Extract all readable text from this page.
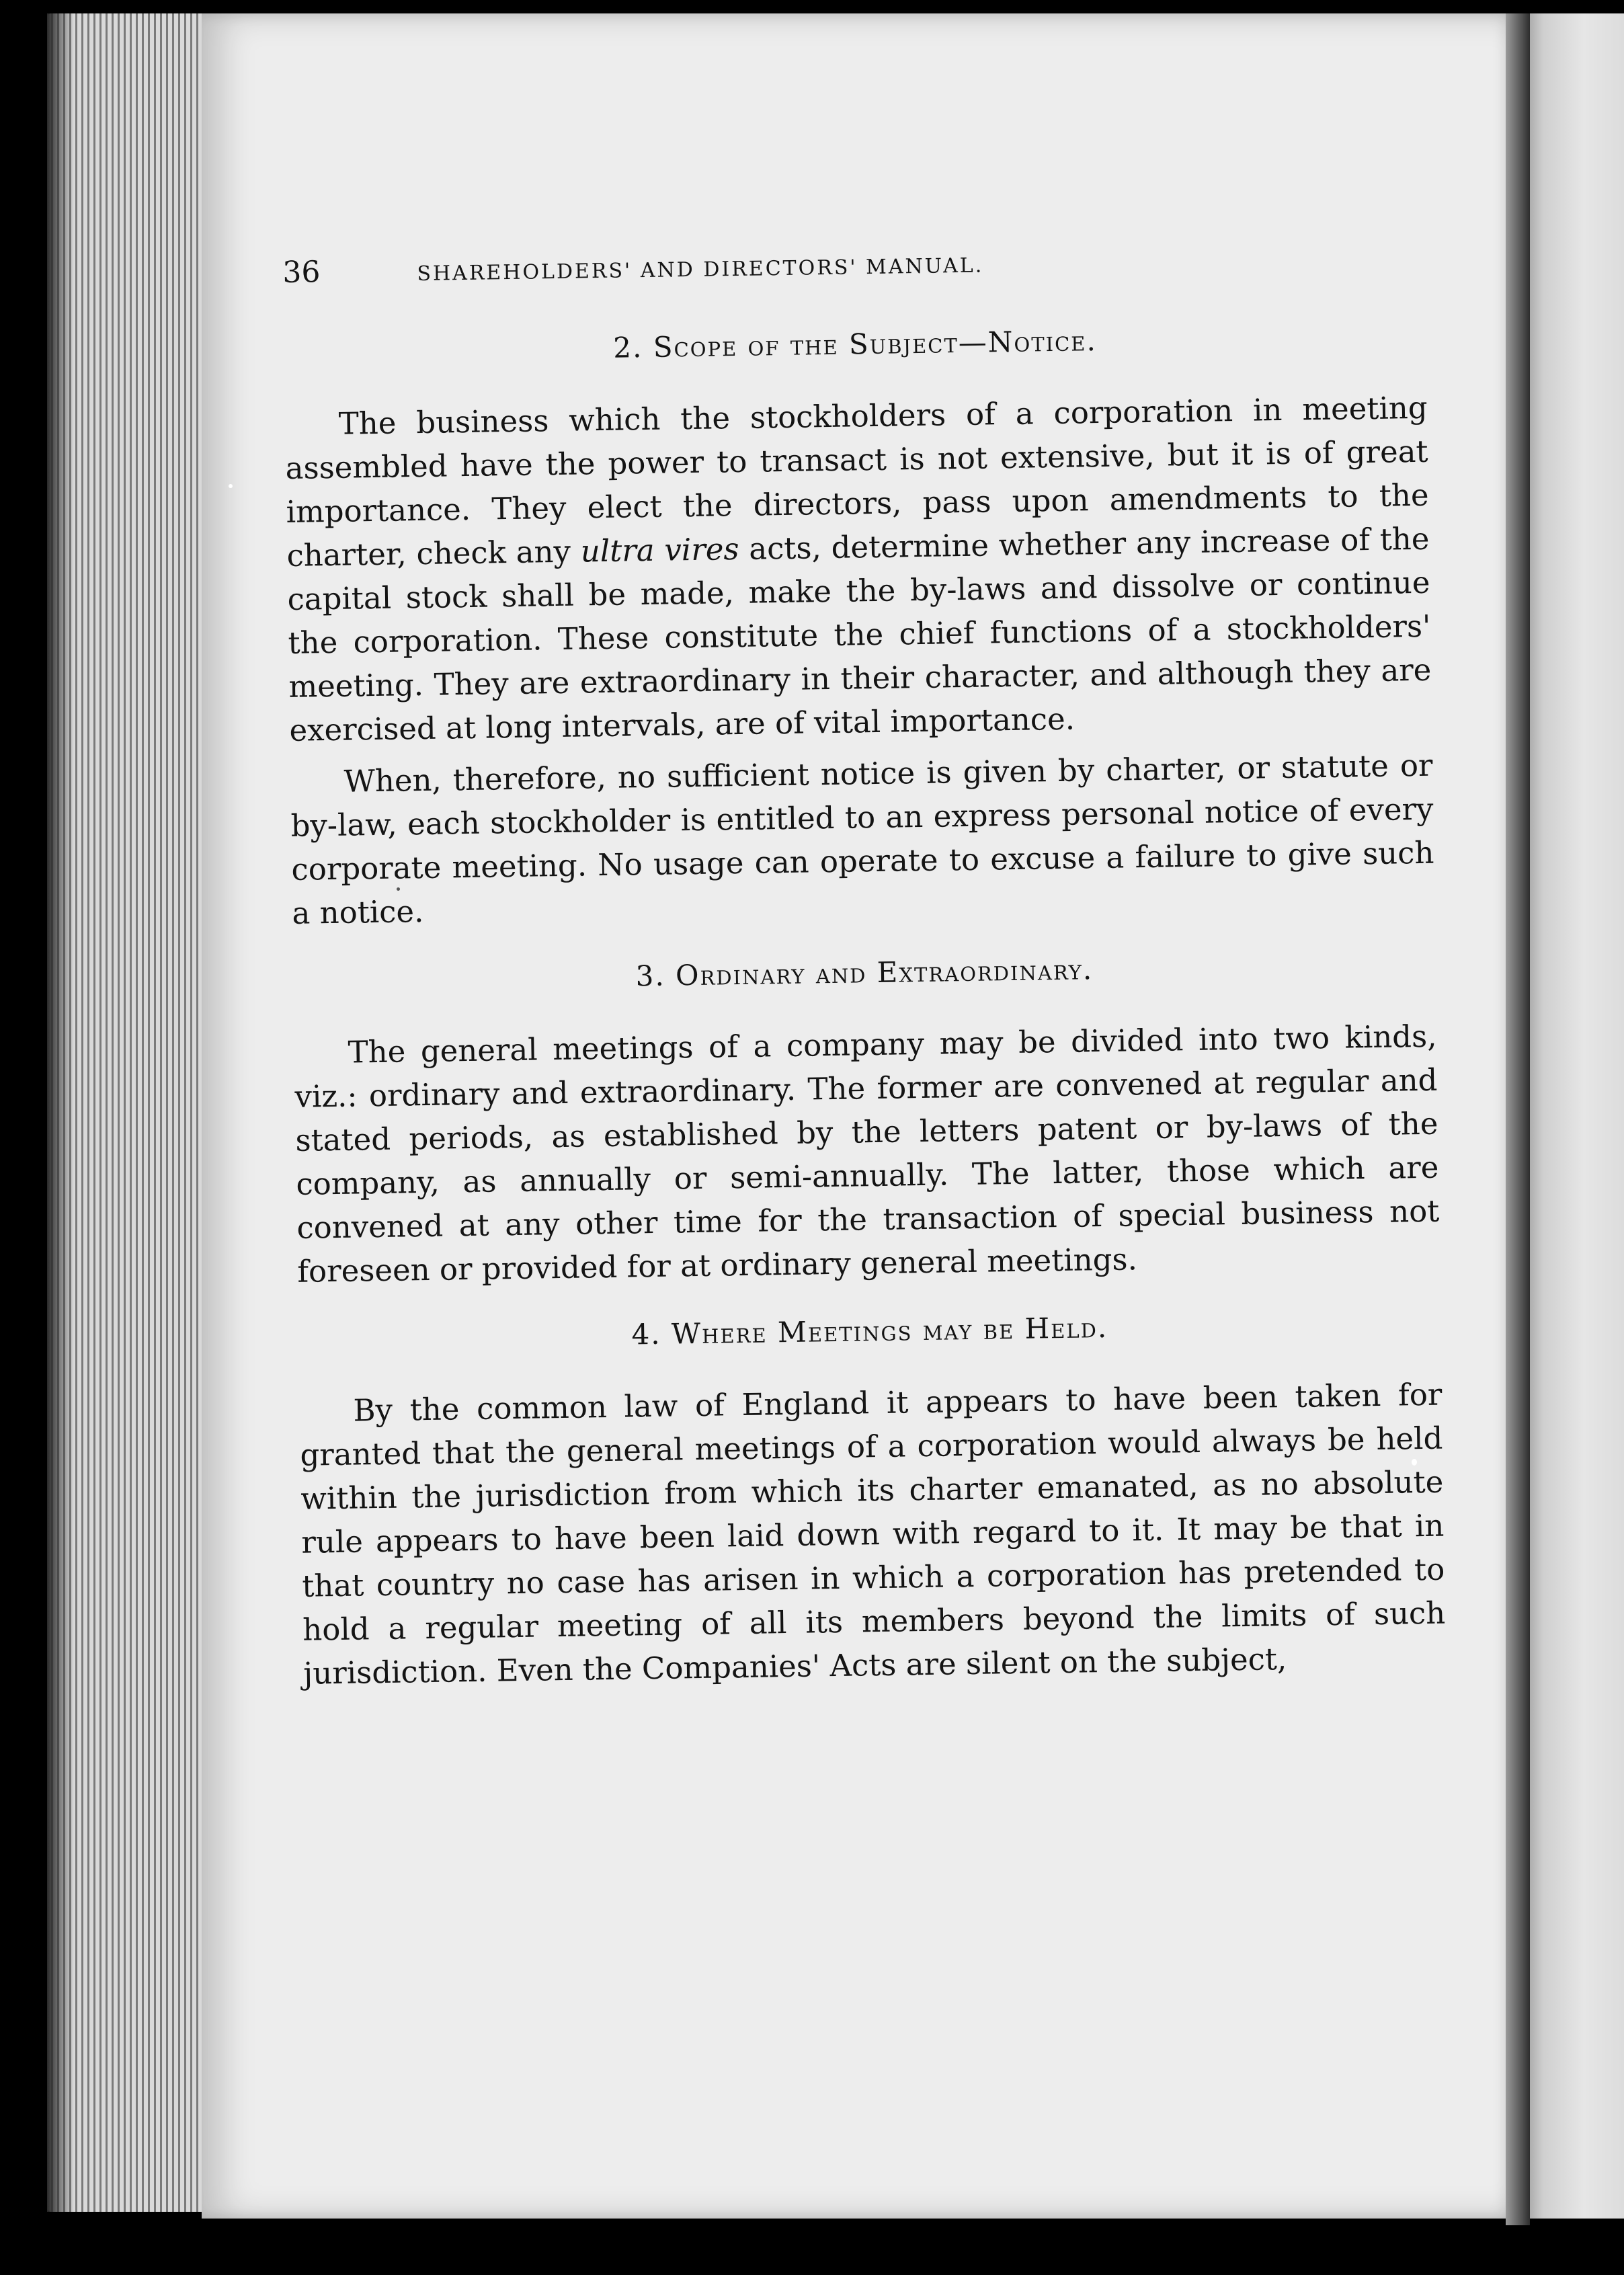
36	SHAREHOLDERS' AND DIRECTORS' MANUAL.
2. Scope of the Subject—Notice.

The business which the stockholders of a corporation in meeting assembled have the power to transact is not extensive, but it is of great importance. They elect the directors, pass upon amendments to the charter, check any ultra vires acts, determine whether any increase of the capital stock shall be made, make the by-laws and dissolve or continue the corporation. These constitute the chief functions of a stockholders' meeting. They are extraordinary in their character, and although they are exercised at long intervals, are of vital importance.

When, therefore, no sufficient notice is given by charter, or statute or by-law, each stockholder is entitled to an express personal notice of every corporate meeting. No usage can operate to excuse a failure to give such a notice.

3. Ordinary and Extraordinary.

The general meetings of a company may be divided into two kinds, viz.: ordinary and extraordinary. The former are convened at regular and stated periods, as established by the letters patent or by-laws of the company, as annually or semi-annually. The latter, those which are convened at any other time for the transaction of special business not foreseen or provided for at ordinary general meetings.

4. Where Meetings may be Held.

By the common law of England it appears to have been taken for granted that the general meetings of a corporation would always be held within the jurisdiction from which its charter emanated, as no absolute rule appears to have been laid down with regard to it. It may be that in that country no case has arisen in which a corporation has pretended to hold a regular meeting of all its members beyond the limits of such jurisdiction. Even the Companies' Acts are silent on the subject,
